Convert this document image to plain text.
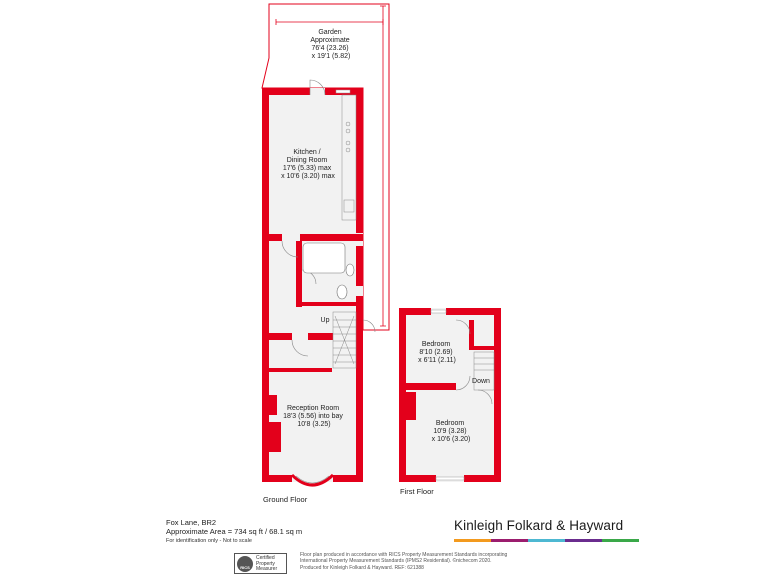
Garden Approximate 76'4 (23.26) x 19'1 (5.82)
Kitchen / Dining Room 17'6 (5.33) max x 10'6 (3.20) max
Up
Reception Room 18'3 (5.56) into bay 10'8 (3.25)
Bedroom 8'10 (2.69) x 6'11 (2.11)
Down
Bedroom 10'9 (3.28) x 10'6 (3.20)
Ground Floor
First Floor
Fox Lane, BR2
Approximate Area = 734 sq ft / 68.1 sq m
For identification only - Not to scale
Kinleigh Folkard & Hayward
RICS
Certified
Property
Measurer
Floor plan produced in accordance with RICS Property Measurement Standards incorporating
International Property Measurement Standards (IPMS2 Residential). ©nichecom 2020.
Produced for Kinleigh Folkard & Hayward. REF: 621388
